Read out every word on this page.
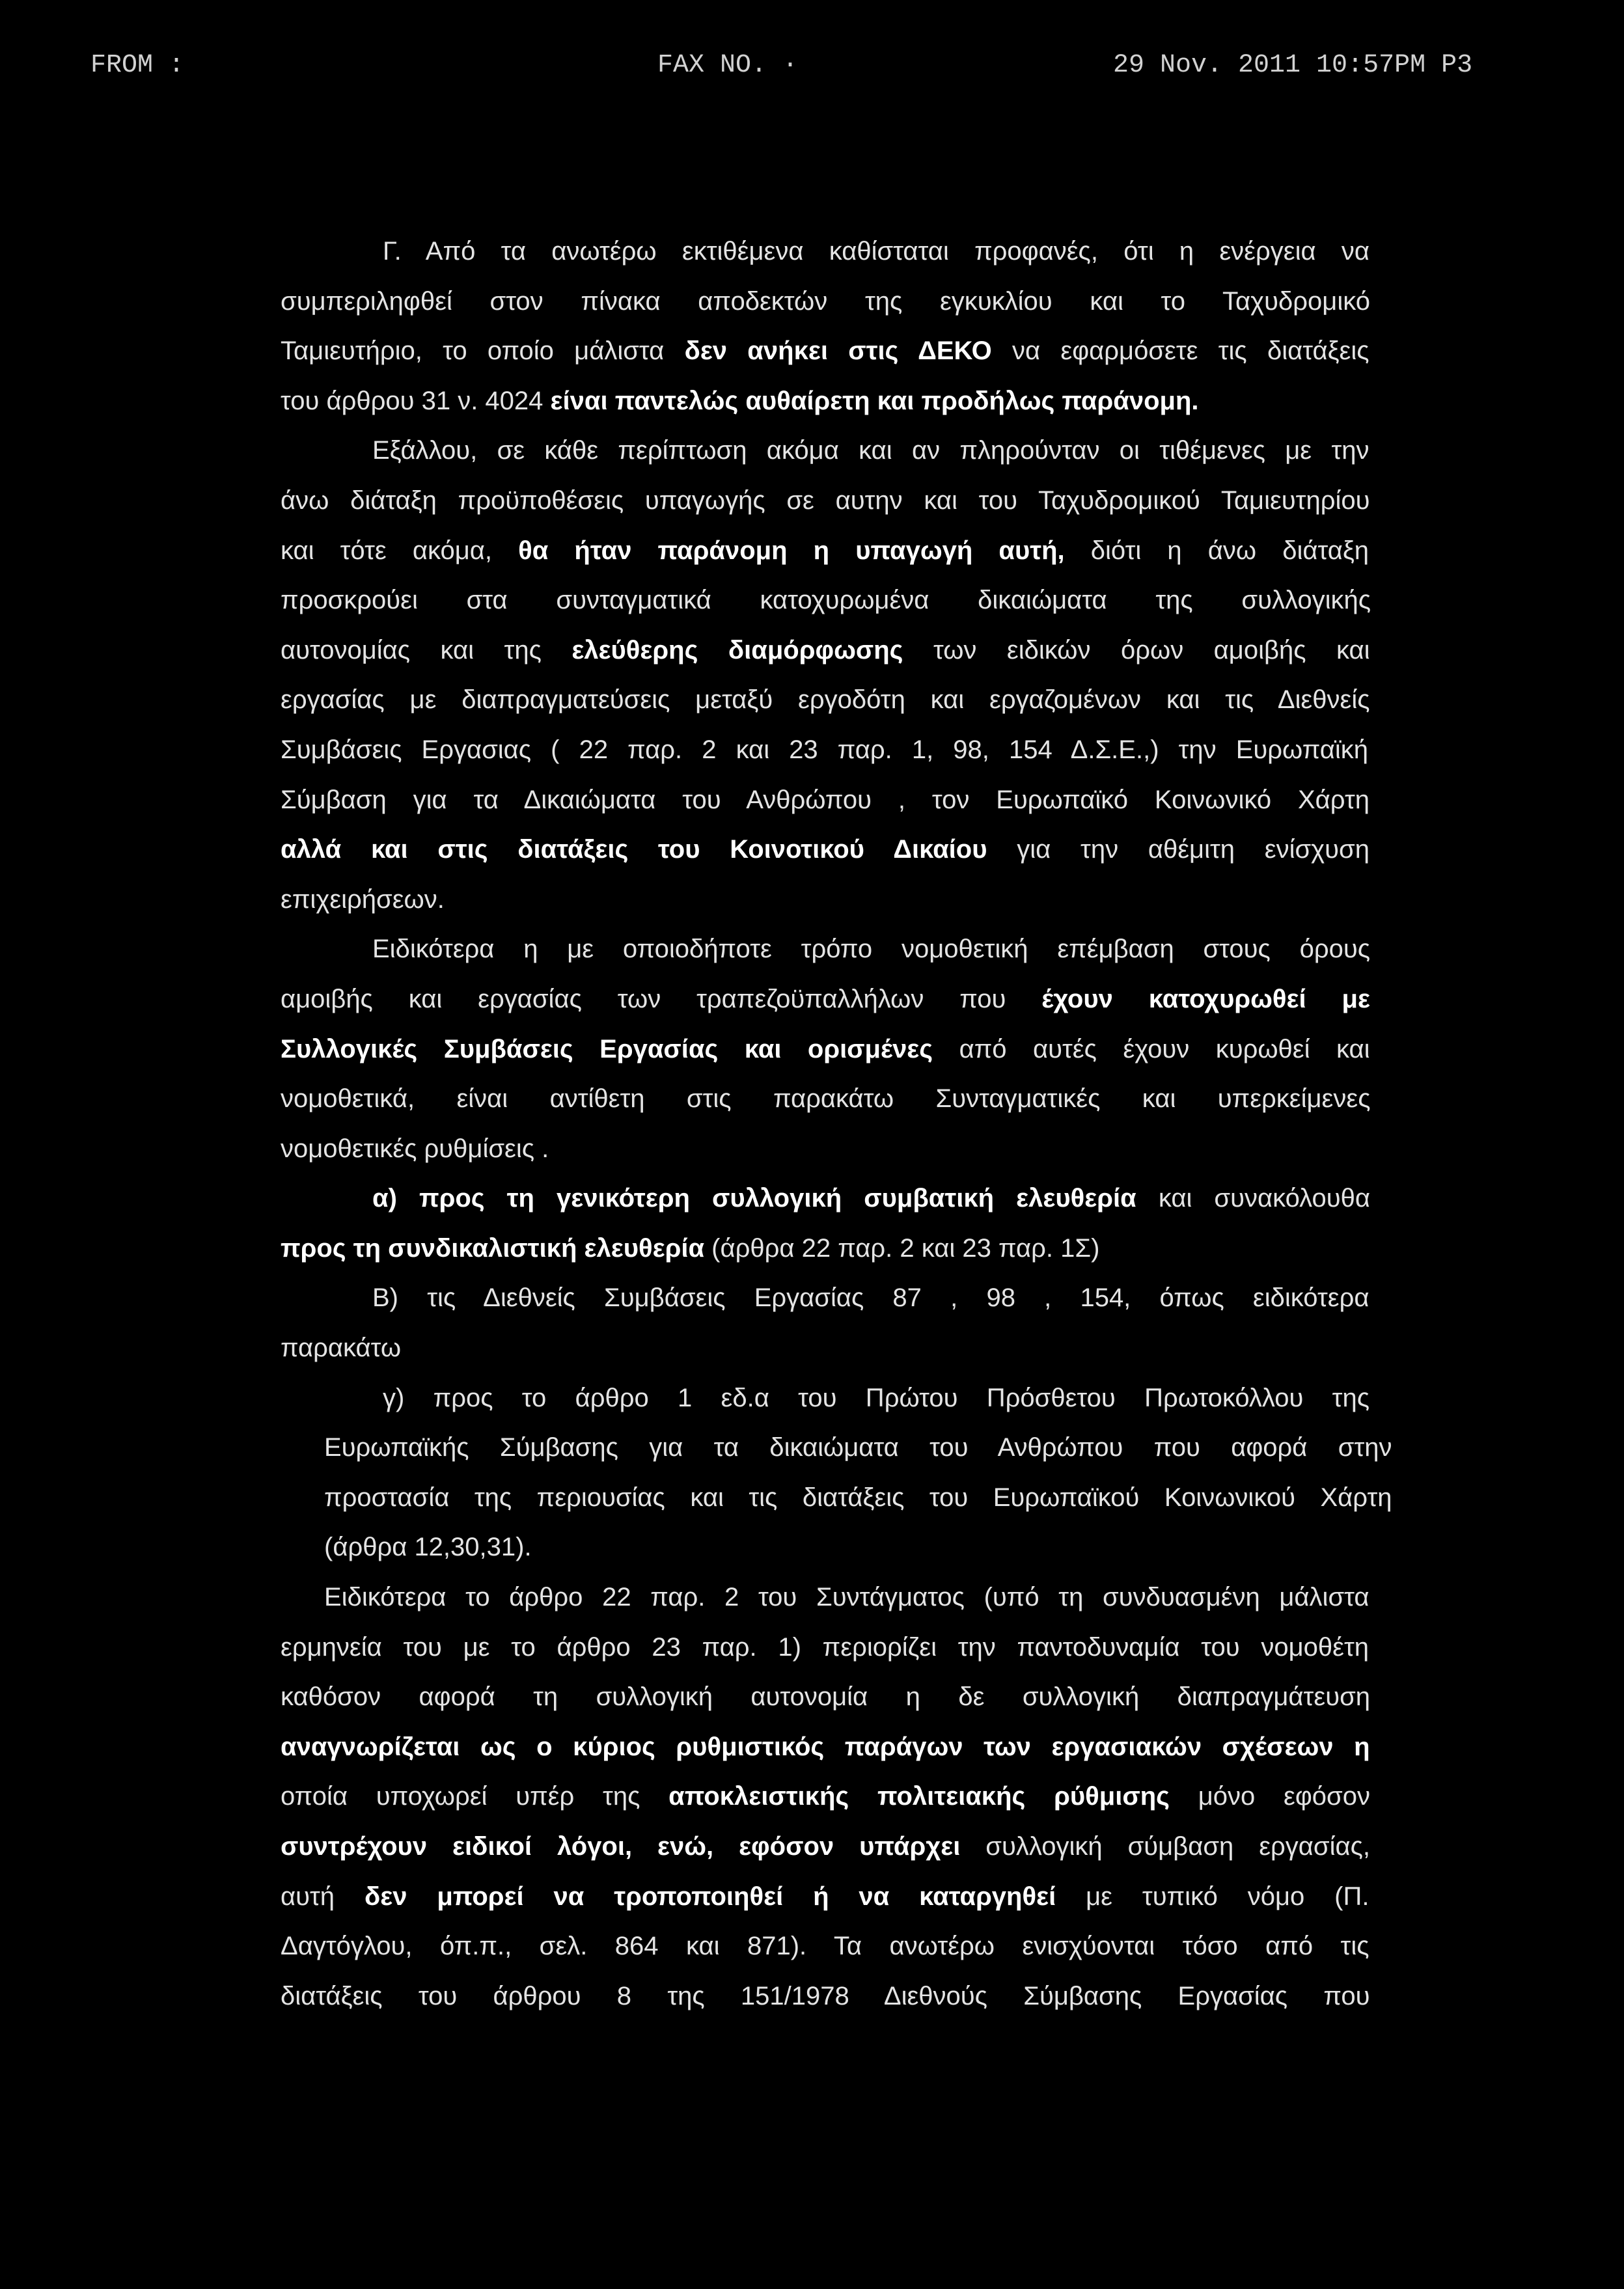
FROM :	FAX NO. ·	29 Nov. 2011 10:57PM P3
Γ. Από τα ανωτέρω εκτιθέμενα καθίσταται προφανές, ότι η ενέργεια να
συμπεριληφθεί στον πίνακα αποδεκτών της εγκυκλίου και το Ταχυδρομικό
Ταμιευτήριο, το οποίο μάλιστα δεν ανήκει στις ΔΕΚΟ να εφαρμόσετε τις διατάξεις
του άρθρου 31 ν. 4024 είναι παντελώς αυθαίρετη και προδήλως παράνομη.
Εξάλλου, σε κάθε περίπτωση ακόμα και αν πληρούνταν οι τιθέμενες με την
άνω διάταξη προϋποθέσεις υπαγωγής σε αυτην και του Ταχυδρομικού Ταμιευτηρίου
και τότε ακόμα, θα ήταν παράνομη η υπαγωγή αυτή, διότι η άνω διάταξη
προσκρούει στα συνταγματικά κατοχυρωμένα δικαιώματα της συλλογικής
αυτονομίας και της ελεύθερης διαμόρφωσης των ειδικών όρων αμοιβής και
εργασίας με διαπραγματεύσεις μεταξύ εργοδότη και εργαζομένων και τις Διεθνείς
Συμβάσεις Εργασιας ( 22 παρ. 2 και 23 παρ. 1, 98, 154 Δ.Σ.Ε.,) την Ευρωπαϊκή
Σύμβαση για τα Δικαιώματα του Ανθρώπου , τον Ευρωπαϊκό Κοινωνικό Χάρτη
αλλά και στις διατάξεις του Κοινοτικού Δικαίου για την αθέμιτη ενίσχυση
επιχειρήσεων.
Ειδικότερα η με οποιοδήποτε τρόπο νομοθετική επέμβαση στους όρους
αμοιβής και εργασίας των τραπεζοϋπαλλήλων που έχουν κατοχυρωθεί με
Συλλογικές Συμβάσεις Εργασίας και ορισμένες από αυτές έχουν κυρωθεί και
νομοθετικά, είναι αντίθετη στις παρακάτω Συνταγματικές και υπερκείμενες
νομοθετικές ρυθμίσεις .
α) προς τη γενικότερη συλλογική συμβατική ελευθερία και συνακόλουθα
προς τη συνδικαλιστική ελευθερία (άρθρα 22 παρ. 2 και 23 παρ. 1Σ)
Β) τις Διεθνείς Συμβάσεις Εργασίας 87 , 98 , 154, όπως ειδικότερα
παρακάτω
γ) προς το άρθρο 1 εδ.α του Πρώτου Πρόσθετου Πρωτοκόλλου της
Ευρωπαϊκής Σύμβασης για τα δικαιώματα του Ανθρώπου που αφορά στην
προστασία της περιουσίας και τις διατάξεις του Ευρωπαϊκού Κοινωνικού Χάρτη
(άρθρα 12,30,31).
Ειδικότερα το άρθρο 22 παρ. 2 του Συντάγματος (υπό τη συνδυασμένη μάλιστα
ερμηνεία του με το άρθρο 23 παρ. 1) περιορίζει την παντοδυναμία του νομοθέτη
καθόσον αφορά τη συλλογική αυτονομία η δε συλλογική διαπραγμάτευση
αναγνωρίζεται ως ο κύριος ρυθμιστικός παράγων των εργασιακών σχέσεων η
οποία υποχωρεί υπέρ της αποκλειστικής πολιτειακής ρύθμισης μόνο εφόσον
συντρέχουν ειδικοί λόγοι, ενώ, εφόσον υπάρχει συλλογική σύμβαση εργασίας,
αυτή δεν μπορεί να τροποποιηθεί ή να καταργηθεί με τυπικό νόμο (Π.
Δαγτόγλου, όπ.π., σελ. 864 και 871). Τα ανωτέρω ενισχύονται τόσο από τις
διατάξεις του άρθρου 8 της 151/1978 Διεθνούς Σύμβασης Εργασίας που
